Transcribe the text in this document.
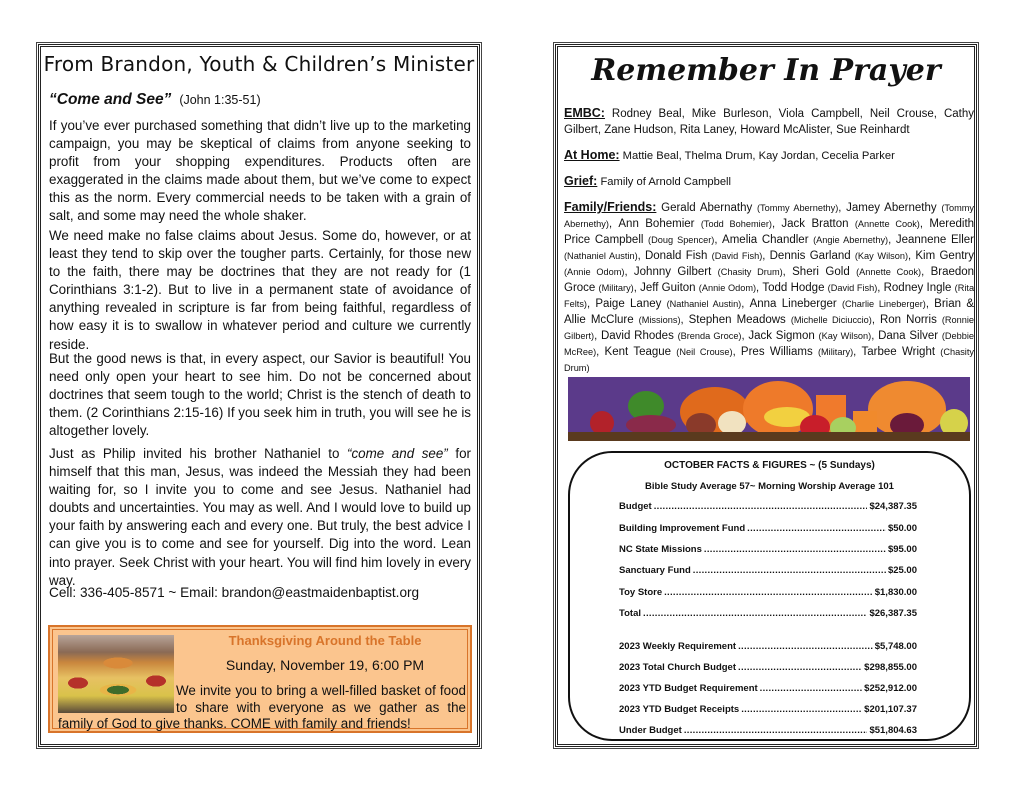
From Brandon, Youth & Children’s Minister
“Come and See” (John 1:35-51)

If you’ve ever purchased something that didn’t live up to the marketing campaign, you may be skeptical of claims from anyone seeking to profit from your shopping expenditures. Products often are exaggerated in the claims made about them, but we’ve come to expect this as the norm. Every commercial needs to be taken with a grain of salt, and some may need the whole shaker.

We need make no false claims about Jesus. Some do, however, or at least they tend to skip over the tougher parts. Certainly, for those new to the faith, there may be doctrines that they are not ready for (1 Corinthians 3:1-2). But to live in a permanent state of avoidance of anything revealed in scripture is far from being faithful, regardless of how easy it is to swallow in whatever period and culture we currently reside.

But the good news is that, in every aspect, our Savior is beautiful! You need only open your heart to see him. Do not be concerned about doctrines that seem tough to the world; Christ is the stench of death to them. (2 Corinthians 2:15-16) If you seek him in truth, you will see he is altogether lovely.

Just as Philip invited his brother Nathaniel to “come and see” for himself that this man, Jesus, was indeed the Messiah they had been waiting for, so I invite you to come and see Jesus. Nathaniel had doubts and uncertainties. You may as well. And I would love to build up your faith by answering each and every one. But truly, the best advice I can give you is to come and see for yourself. Dig into the word. Lean into prayer. Seek Christ with your heart. You will find him lovely in every way.

Cell: 336-405-8571 ~ Email: brandon@eastmaidenbaptist.org

Thanksgiving Around the Table
Sunday, November 19, 6:00 PM
We invite you to bring a well-filled basket of food to share with everyone as we gather as the family of God to give thanks. COME with family and friends!
Remember In Prayer

EMBC: Rodney Beal, Mike Burleson, Viola Campbell, Neil Crouse, Cathy Gilbert, Zane Hudson, Rita Laney, Howard McAlister, Sue Reinhardt

At Home: Mattie Beal, Thelma Drum, Kay Jordan, Cecelia Parker

Grief: Family of Arnold Campbell

Family/Friends: Gerald Abernathy (Tommy Abernethy), Jamey Abernethy (Tommy Abernethy), Ann Bohemier (Todd Bohemier), Jack Bratton (Annette Cook), Meredith Price Campbell (Doug Spencer), Amelia Chandler (Angie Abernethy), Jeannene Eller (Nathaniel Austin), Donald Fish (David Fish), Dennis Garland (Kay Wilson), Kim Gentry (Annie Odom), Johnny Gilbert (Chasity Drum), Sheri Gold (Annette Cook), Braedon Groce (Military), Jeff Guiton (Annie Odom), Todd Hodge (David Fish), Rodney Ingle (Rita Felts), Paige Laney (Nathaniel Austin), Anna Lineberger (Charlie Lineberger), Brian & Allie McClure (Missions), Stephen Meadows (Michelle Diciuccio), Ron Norris (Ronnie Gilbert), David Rhodes (Brenda Groce), Jack Sigmon (Kay Wilson), Dana Silver (Debbie McRee), Kent Teague (Neil Crouse), Pres Williams (Military), Tarbee Wright (Chasity Drum)

OCTOBER FACTS & FIGURES ~ (5 Sundays)
Bible Study Average 57~ Morning Worship Average 101
Budget .....	$24,387.35
Building Improvement Fund .....	$50.00
NC State Missions .....	$95.00
Sanctuary Fund .....	$25.00
Toy Store .....	$1,830.00
Total .....	$26,387.35
2023 Weekly Requirement .....	$5,748.00
2023 Total Church Budget .....	$298,855.00
2023 YTD Budget Requirement .....	$252,912.00
2023 YTD Budget Receipts .....	$201,107.37
Under Budget .....	$51,804.63
